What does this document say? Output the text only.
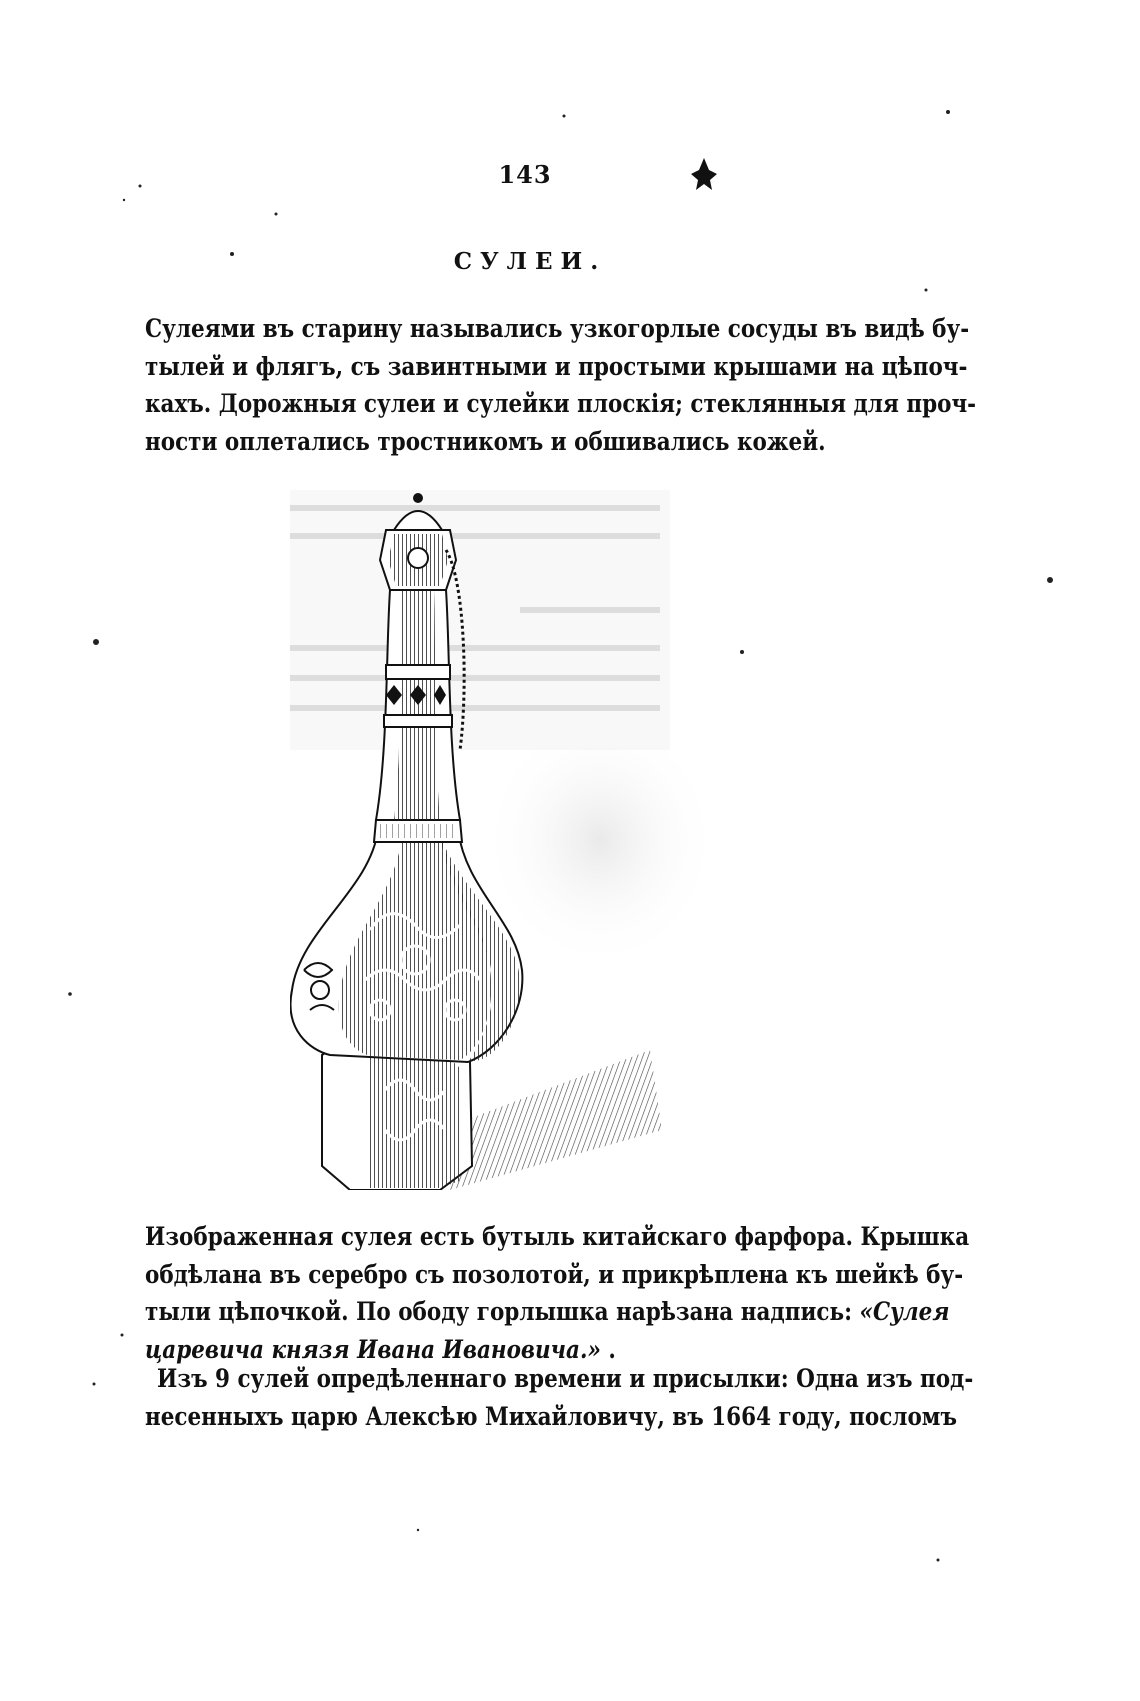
143
СУЛЕИ.
Сулеями въ старину назывались узкогорлые сосуды въ видѣ бу-
тылей и флягъ, съ завинтными и простыми крышами на цѣпоч-
кахъ. Дорожныя сулеи и сулейки плоскія; стеклянныя для проч-
ности оплетались тростникомъ и обшивались кожей.
Изображенная сулея есть бутыль китайскаго фарфора. Крышка
обдѣлана въ серебро съ позолотой, и прикрѣплена къ шейкѣ бу-
тыли цѣпочкой. По ободу горлышка нарѣзана надпись: «Сулея
царевича князя Ивана Ивановича.» .
Изъ 9 сулей опредѣленнаго времени и присылки: Одна изъ под-
несенныхъ царю Алексѣю Михайловичу, въ 1664 году, посломъ
